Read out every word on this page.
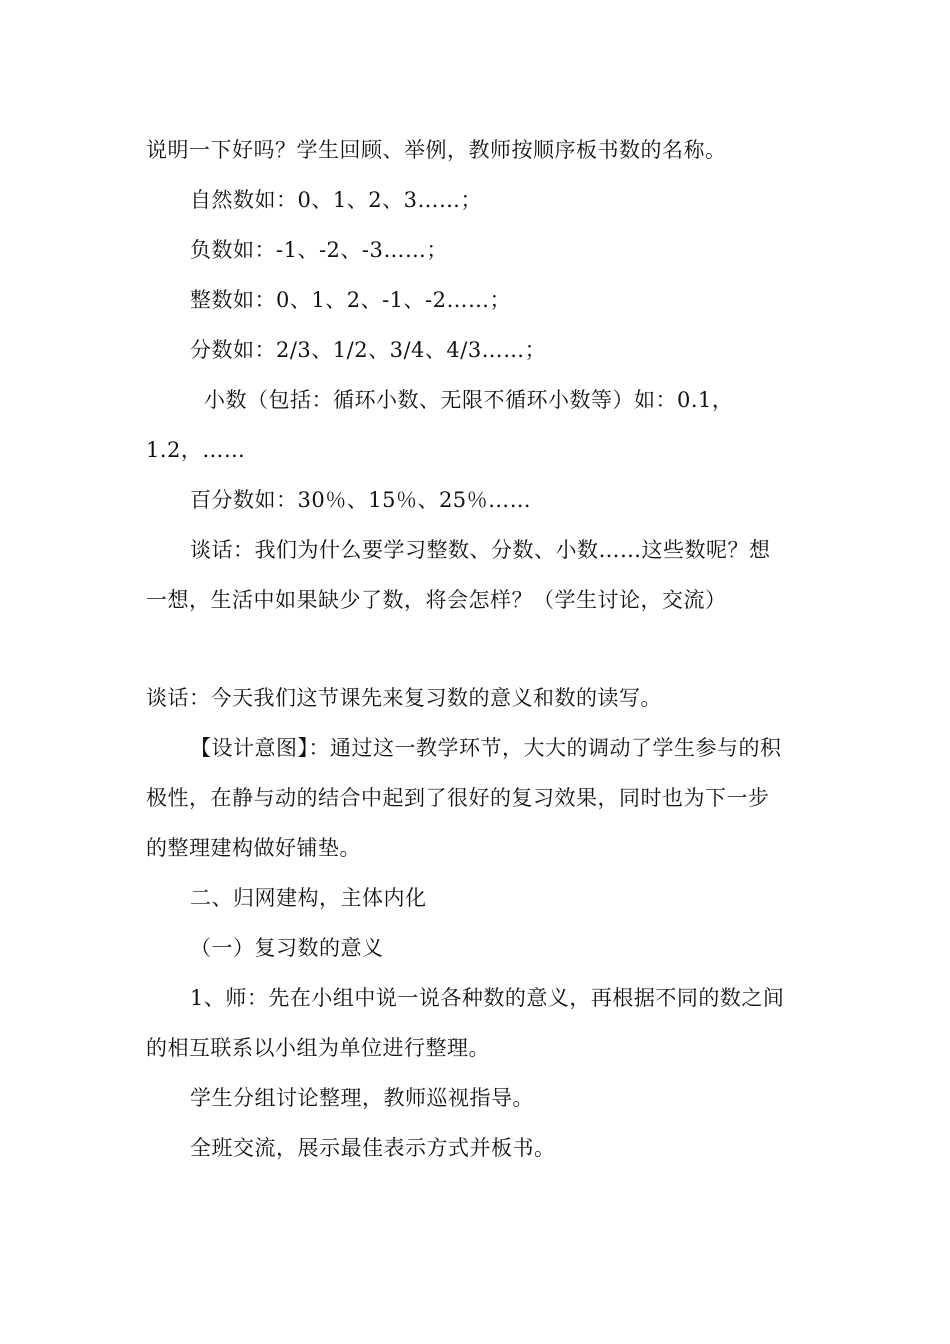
说明一下好吗？学生回顾、举例，教师按顺序板书数的名称。
自然数如：0、1、2、3……；
负数如：-1、-2、-3……；
整数如：0、1、2、-1、-2……；
分数如：2/3、1/2、3/4、4/3……；
小数（包括：循环小数、无限不循环小数等）如：0.1，
1.2，……
百分数如：30％、15％、25％……
谈话：我们为什么要学习整数、分数、小数……这些数呢？想
一想，生活中如果缺少了数，将会怎样？（学生讨论，交流）
谈话：今天我们这节课先来复习数的意义和数的读写。
【设计意图】：通过这一教学环节，大大的调动了学生参与的积
极性，在静与动的结合中起到了很好的复习效果，同时也为下一步
的整理建构做好铺垫。
二、归网建构，主体内化
（一）复习数的意义
1、师：先在小组中说一说各种数的意义，再根据不同的数之间
的相互联系以小组为单位进行整理。
学生分组讨论整理，教师巡视指导。
全班交流，展示最佳表示方式并板书。
